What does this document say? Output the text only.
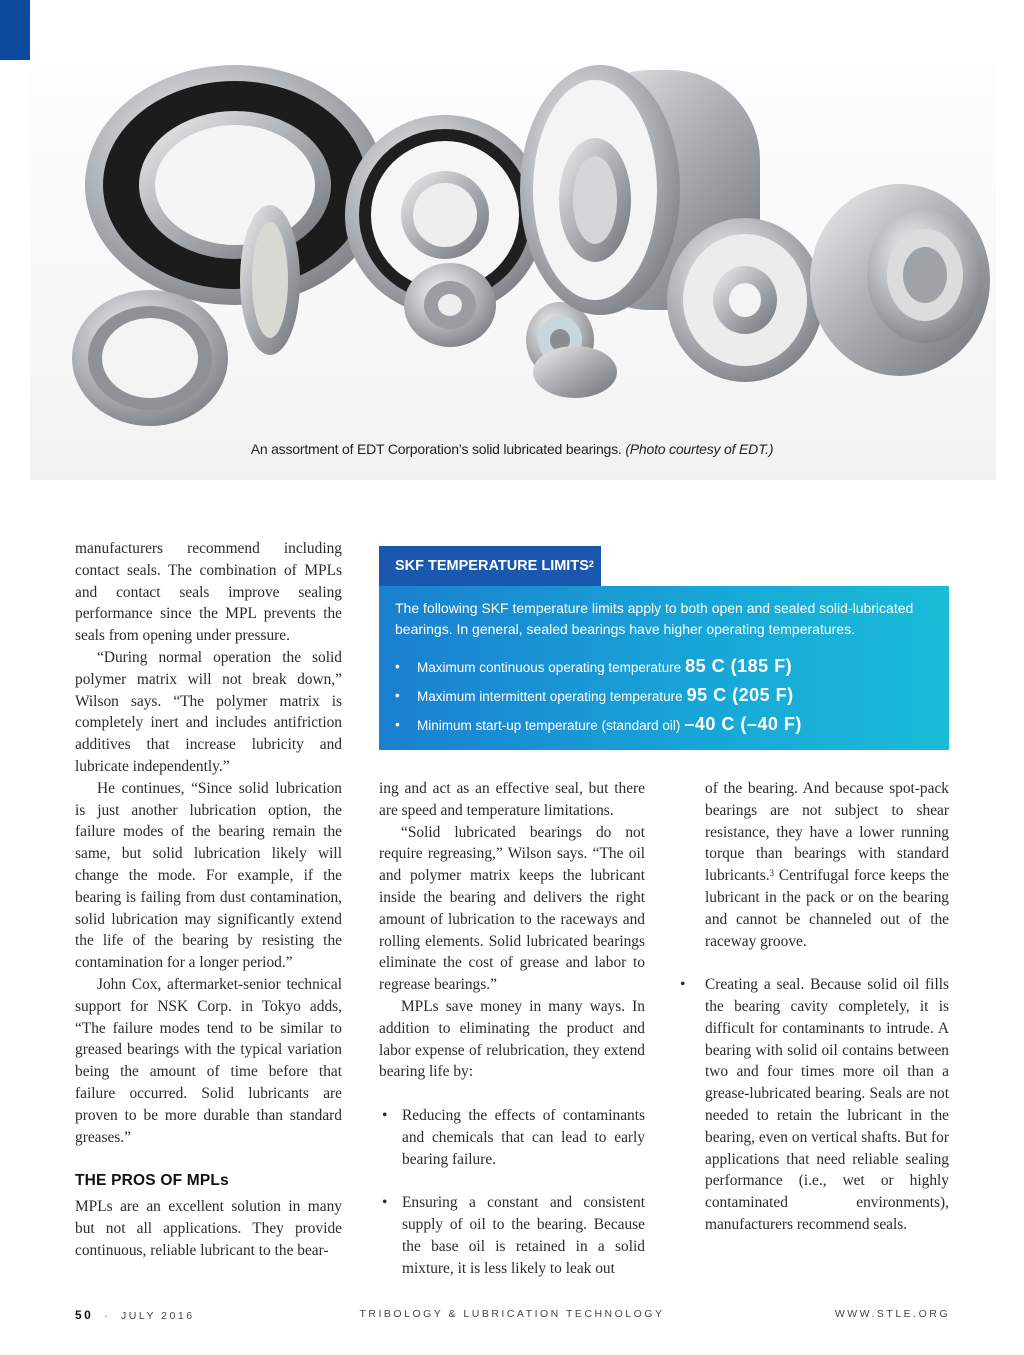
An assortment of EDT Corporation’s solid lubricated bearings. (Photo courtesy of EDT.)

manufacturers recommend including contact seals. The combination of MPLs and contact seals improve sealing performance since the MPL prevents the seals from opening under pressure.

“During normal operation the solid polymer matrix will not break down,” Wilson says. “The polymer matrix is completely inert and includes antifriction additives that increase lubricity and lubricate independently.”

He continues, “Since solid lubrication is just another lubrication option, the failure modes of the bearing remain the same, but solid lubrication likely will change the mode. For example, if the bearing is failing from dust contamination, solid lubrication may significantly extend the life of the bearing by resisting the contamination for a longer period.”

John Cox, aftermarket-senior technical support for NSK Corp. in Tokyo adds, “The failure modes tend to be similar to greased bearings with the typical variation being the amount of time before that failure occurred. Solid lubricants are proven to be more durable than standard greases.”

THE PROS OF MPLs

MPLs are an excellent solution in many but not all applications. They provide continuous, reliable lubricant to the bear-

SKF TEMPERATURE LIMITS$^2$

The following SKF temperature limits apply to both open and sealed solid-lubricated bearings. In general, sealed bearings have higher operating temperatures.

• Maximum continuous operating temperature 85 C (185 F)
• Maximum intermittent operating temperature 95 C (205 F)
• Minimum start-up temperature (standard oil) –40 C (–40 F)

ing and act as an effective seal, but there are speed and temperature limitations.

“Solid lubricated bearings do not require regreasing,” Wilson says. “The oil and polymer matrix keeps the lubricant inside the bearing and delivers the right amount of lubrication to the raceways and rolling elements. Solid lubricated bearings eliminate the cost of grease and labor to regrease bearings.”

MPLs save money in many ways. In addition to eliminating the product and labor expense of relubrication, they extend bearing life by:

• Reducing the effects of contaminants and chemicals that can lead to early bearing failure.
• Ensuring a constant and consistent supply of oil to the bearing. Because the base oil is retained in a solid mixture, it is less likely to leak out

of the bearing. And because spot-pack bearings are not subject to shear resistance, they have a lower running torque than bearings with standard lubricants.$^3$ Centrifugal force keeps the lubricant in the pack or on the bearing and cannot be channeled out of the raceway groove.

• Creating a seal. Because solid oil fills the bearing cavity completely, it is difficult for contaminants to intrude. A bearing with solid oil contains between two and four times more oil than a grease-lubricated bearing. Seals are not needed to retain the lubricant in the bearing, even on vertical shafts. But for applications that need reliable sealing performance (i.e., wet or highly contaminated environments), manufacturers recommend seals.
50 · JULY 2016	TRIBOLOGY & LUBRICATION TECHNOLOGY	WWW.STLE.ORG
